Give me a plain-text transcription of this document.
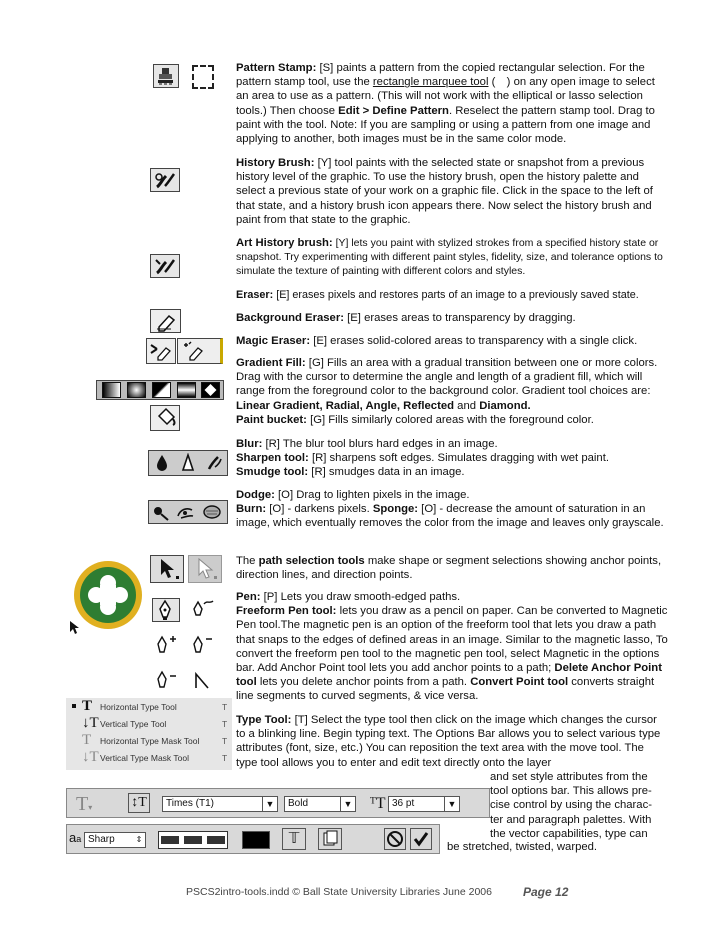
T Horizontal Type Tool	T
↓T Vertical Type Tool	T
T Horizontal Type Mask Tool	T
↓T Vertical Type Mask Tool	T
T▾	↕T	Times (T1)	▼	Bold	▼ ᵀT 36 pt	▼
aa Sharp	⇕	𝕋
Pattern Stamp: [S] paints a pattern from the copied rectangular selection. For the pattern stamp tool, use the rectangle marquee tool ( ) on any open image to select an area to use as a pattern. (This will not work with the elliptical or lasso selection tools.) Then choose Edit > Define Pattern. Reselect the pattern stamp tool. Drag to paint with the tool. Note: If you are sampling or using a pattern from one image and applying to another, both images must be in the same color mode.
History Brush: [Y] tool paints with the selected state or snapshot from a previous history level of the graphic. To use the history brush, open the history palette and select a previous state of your work on a graphic file. Click in the space to the left of that state, and a history brush icon appears there. Now select the history brush and paint from that state to the graphic.
Art History brush: [Y] lets you paint with stylized strokes from a specified history state or snapshot. Try experimenting with different paint styles, fidelity, size, and tolerance options to simulate the texture of painting with different colors and styles.
Eraser: [E] erases pixels and restores parts of an image to a previously saved state.
Background Eraser: [E] erases areas to transparency by dragging.
Magic Eraser: [E] erases solid-colored areas to transparency with a single click.
Gradient Fill: [G] Fills an area with a gradual transition between one or more colors. Drag with the cursor to determine the angle and length of a gradient fill, which will range from the foreground color to the background color. Gradient tool choices are: Linear Gradient, Radial, Angle, Reflected and Diamond.
Paint bucket: [G] Fills similarly colored areas with the foreground color.
Blur: [R] The blur tool blurs hard edges in an image.
Sharpen tool: [R] sharpens soft edges. Simulates dragging with wet paint.
Smudge tool: [R] smudges data in an image.
Dodge: [O] Drag to lighten pixels in the image.
Burn: [O] - darkens pixels. Sponge: [O] - decrease the amount of saturation in an image, which eventually removes the color from the image and leaves only grayscale.
The path selection tools make shape or segment selections showing anchor points, direction lines, and direction points.
Pen: [P] Lets you draw smooth-edged paths.
Freeform Pen tool: lets you draw as a pencil on paper. Can be converted to Magnetic Pen tool.The magnetic pen is an option of the freeform tool that lets you draw a path that snaps to the edges of defined areas in an image. Similar to the magnetic lasso, To convert the freeform pen tool to the magnetic pen tool, select Magnetic in the options bar. Add Anchor Point tool lets you add anchor points to a path; Delete Anchor Point tool lets you delete anchor points from a path. Convert Point tool converts straight line segments to curved segments, & vice versa.
Type Tool: [T] Select the type tool then click on the image which changes the cursor to a blinking line. Begin typing text. The Options Bar allows you to select various type attributes (font, size, etc.) You can reposition the text area with the move tool. The type tool allows you to enter and edit text directly onto the layer
and set style attributes from the
tool options bar. This allows pre-
cise control by using the charac-
ter and paragraph palettes. With
the vector capabilities, type can
be stretched, twisted, warped.
PSCS2intro-tools.indd © Ball State University Libraries June 2006	Page 12
